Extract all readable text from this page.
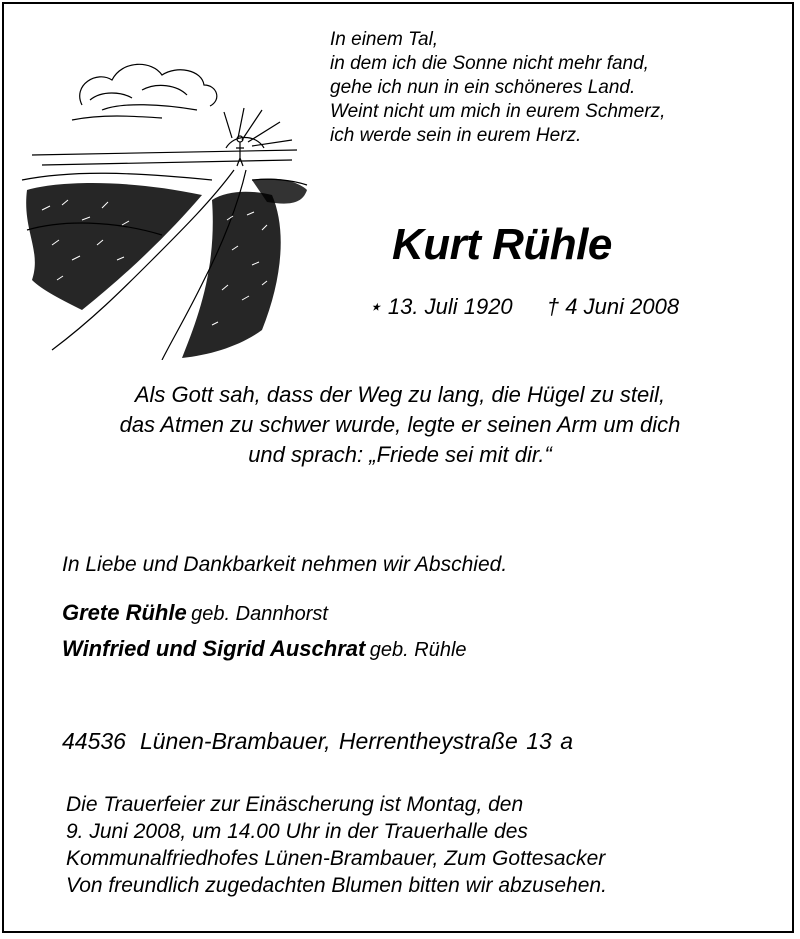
In einem Tal,
in dem ich die Sonne nicht mehr fand,
gehe ich nun in ein schöneres Land.
Weint nicht um mich in eurem Schmerz,
ich werde sein in eurem Herz.
Kurt Rühle
⋆ 13. Juli 1920 † 4 Juni 2008
Als Gott sah, dass der Weg zu lang, die Hügel zu steil,
das Atmen zu schwer wurde, legte er seinen Arm um dich
und sprach: „Friede sei mit dir.“
In Liebe und Dankbarkeit nehmen wir Abschied.
Grete Rühle geb. Dannhorst
Winfried und Sigrid Auschrat geb. Rühle
44536 Lünen-Brambauer, Herrentheystraße 13 a
Die Trauerfeier zur Einäscherung ist Montag, den
9. Juni 2008, um 14.00 Uhr in der Trauerhalle des
Kommunalfriedhofes Lünen-Brambauer, Zum Gottesacker
Von freundlich zugedachten Blumen bitten wir abzusehen.
